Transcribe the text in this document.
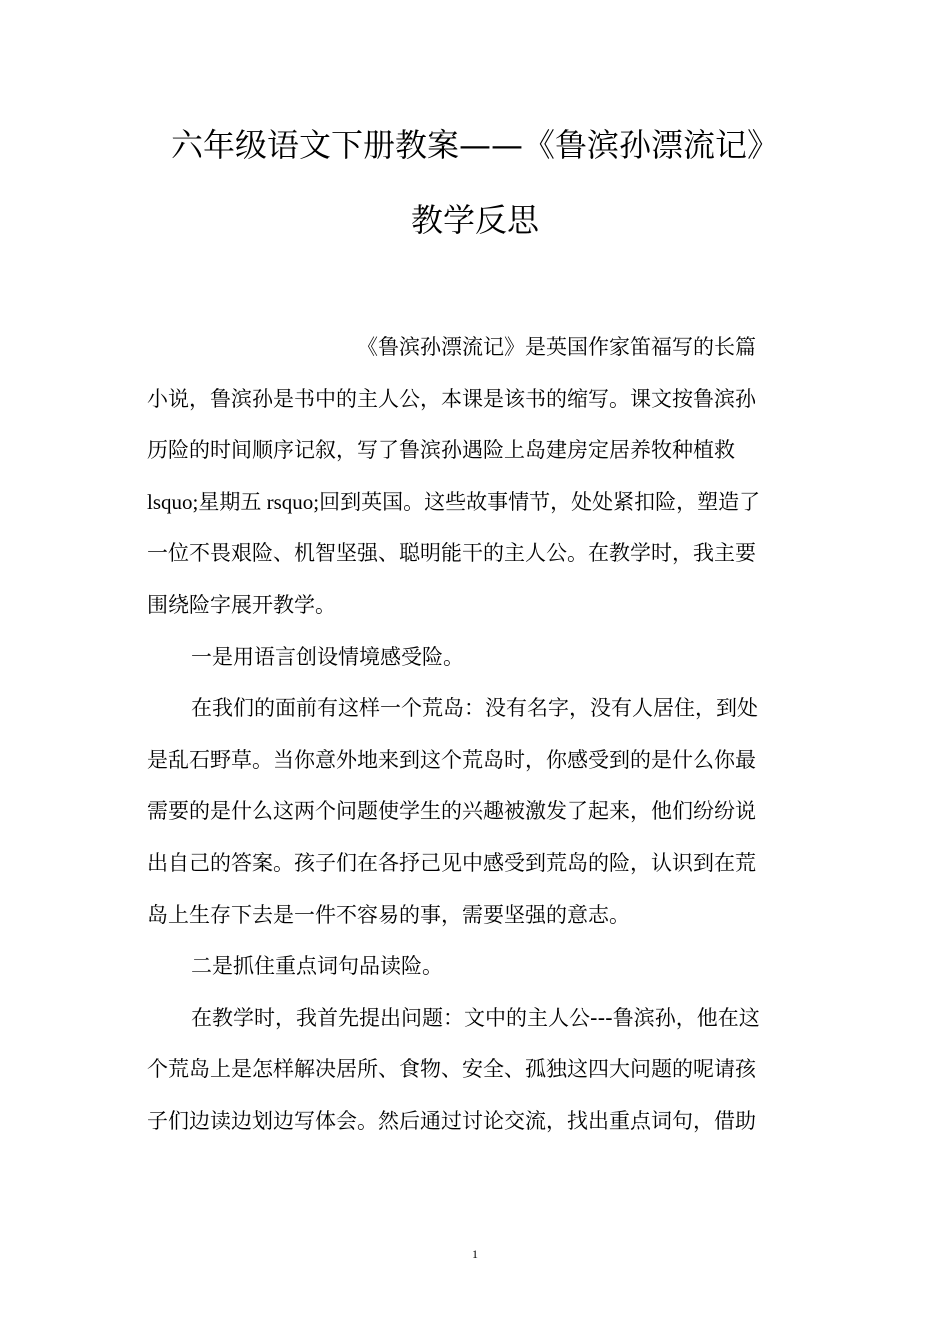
六年级语文下册教案——《鲁滨孙漂流记》
教学反思
《鲁滨孙漂流记》是英国作家笛福写的长篇
小说，鲁滨孙是书中的主人公，本课是该书的缩写。课文按鲁滨孙
历险的时间顺序记叙，写了鲁滨孙遇险上岛建房定居养牧种植救
lsquo;星期五 rsquo;回到英国。这些故事情节，处处紧扣险，塑造了
一位不畏艰险、机智坚强、聪明能干的主人公。在教学时，我主要
围绕险字展开教学。
一是用语言创设情境感受险。
在我们的面前有这样一个荒岛：没有名字，没有人居住，到处
是乱石野草。当你意外地来到这个荒岛时，你感受到的是什么你最
需要的是什么这两个问题使学生的兴趣被激发了起来，他们纷纷说
出自己的答案。孩子们在各抒己见中感受到荒岛的险，认识到在荒
岛上生存下去是一件不容易的事，需要坚强的意志。
二是抓住重点词句品读险。
在教学时，我首先提出问题：文中的主人公---鲁滨孙，他在这
个荒岛上是怎样解决居所、食物、安全、孤独这四大问题的呢请孩
子们边读边划边写体会。然后通过讨论交流，找出重点词句，借助
1
